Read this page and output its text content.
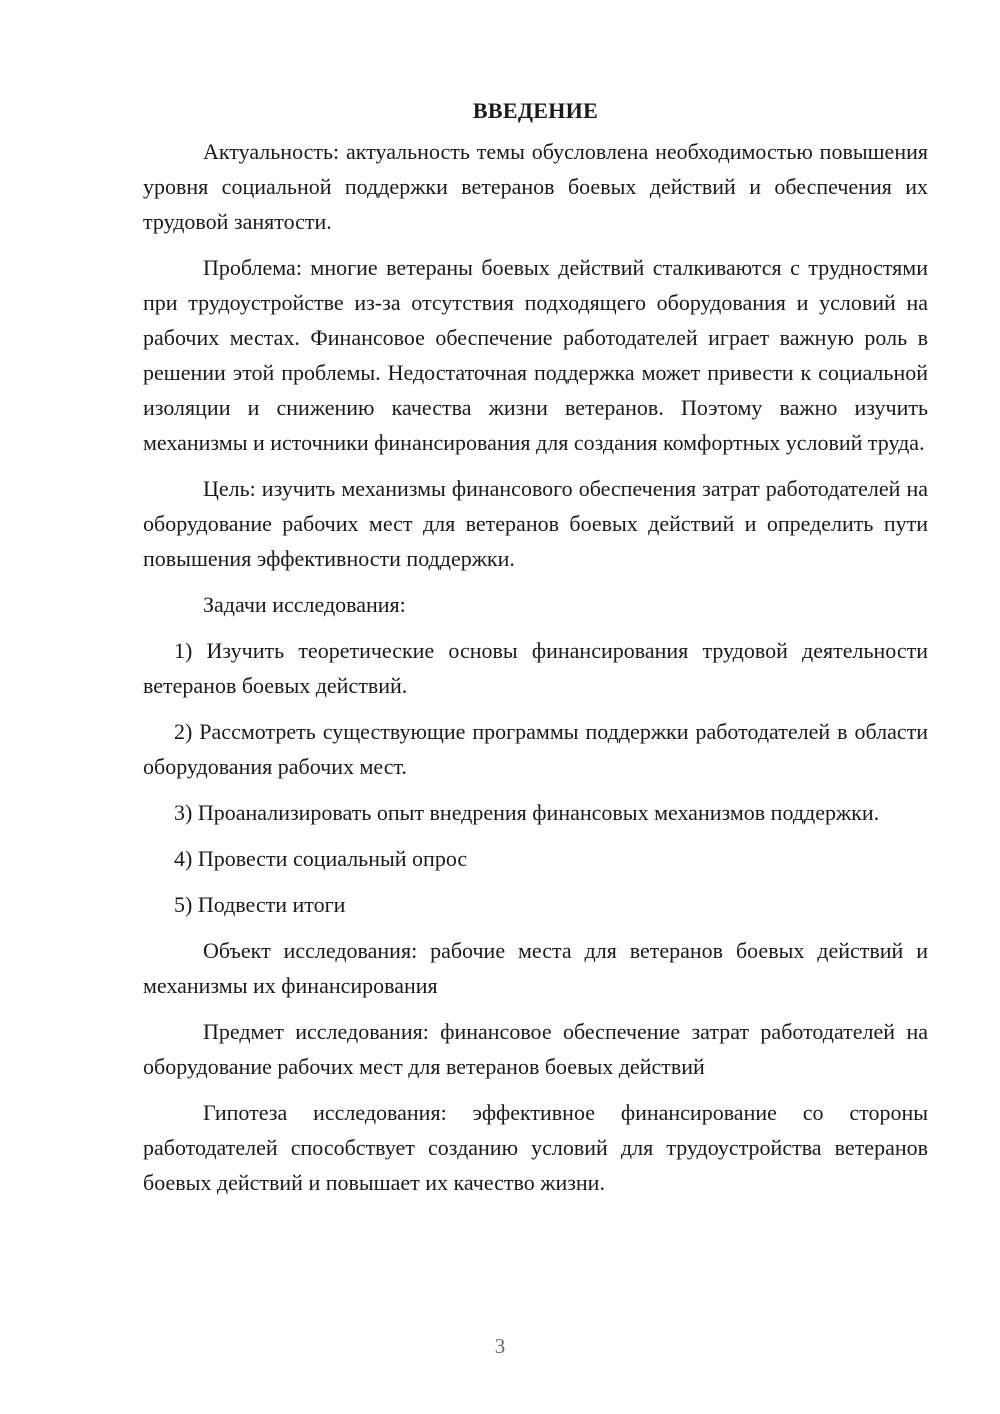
ВВЕДЕНИЕ

Актуальность: актуальность темы обусловлена необходимостью повышения уровня социальной поддержки ветеранов боевых действий и обеспечения их трудовой занятости.

Проблема: многие ветераны боевых действий сталкиваются с трудностями при трудоустройстве из-за отсутствия подходящего оборудования и условий на рабочих местах. Финансовое обеспечение работодателей играет важную роль в решении этой проблемы. Недостаточная поддержка может привести к социальной изоляции и снижению качества жизни ветеранов. Поэтому важно изучить механизмы и источники финансирования для создания комфортных условий труда.

Цель: изучить механизмы финансового обеспечения затрат работодателей на оборудование рабочих мест для ветеранов боевых действий и определить пути повышения эффективности поддержки.

Задачи исследования:

1) Изучить теоретические основы финансирования трудовой деятельности ветеранов боевых действий.

2) Рассмотреть существующие программы поддержки работодателей в области оборудования рабочих мест.

3) Проанализировать опыт внедрения финансовых механизмов поддержки.

4) Провести социальный опрос

5) Подвести итоги

Объект исследования: рабочие места для ветеранов боевых действий и механизмы их финансирования

Предмет исследования: финансовое обеспечение затрат работодателей на оборудование рабочих мест для ветеранов боевых действий

Гипотеза исследования: эффективное финансирование со стороны работодателей способствует созданию условий для трудоустройства ветеранов боевых действий и повышает их качество жизни.

3
